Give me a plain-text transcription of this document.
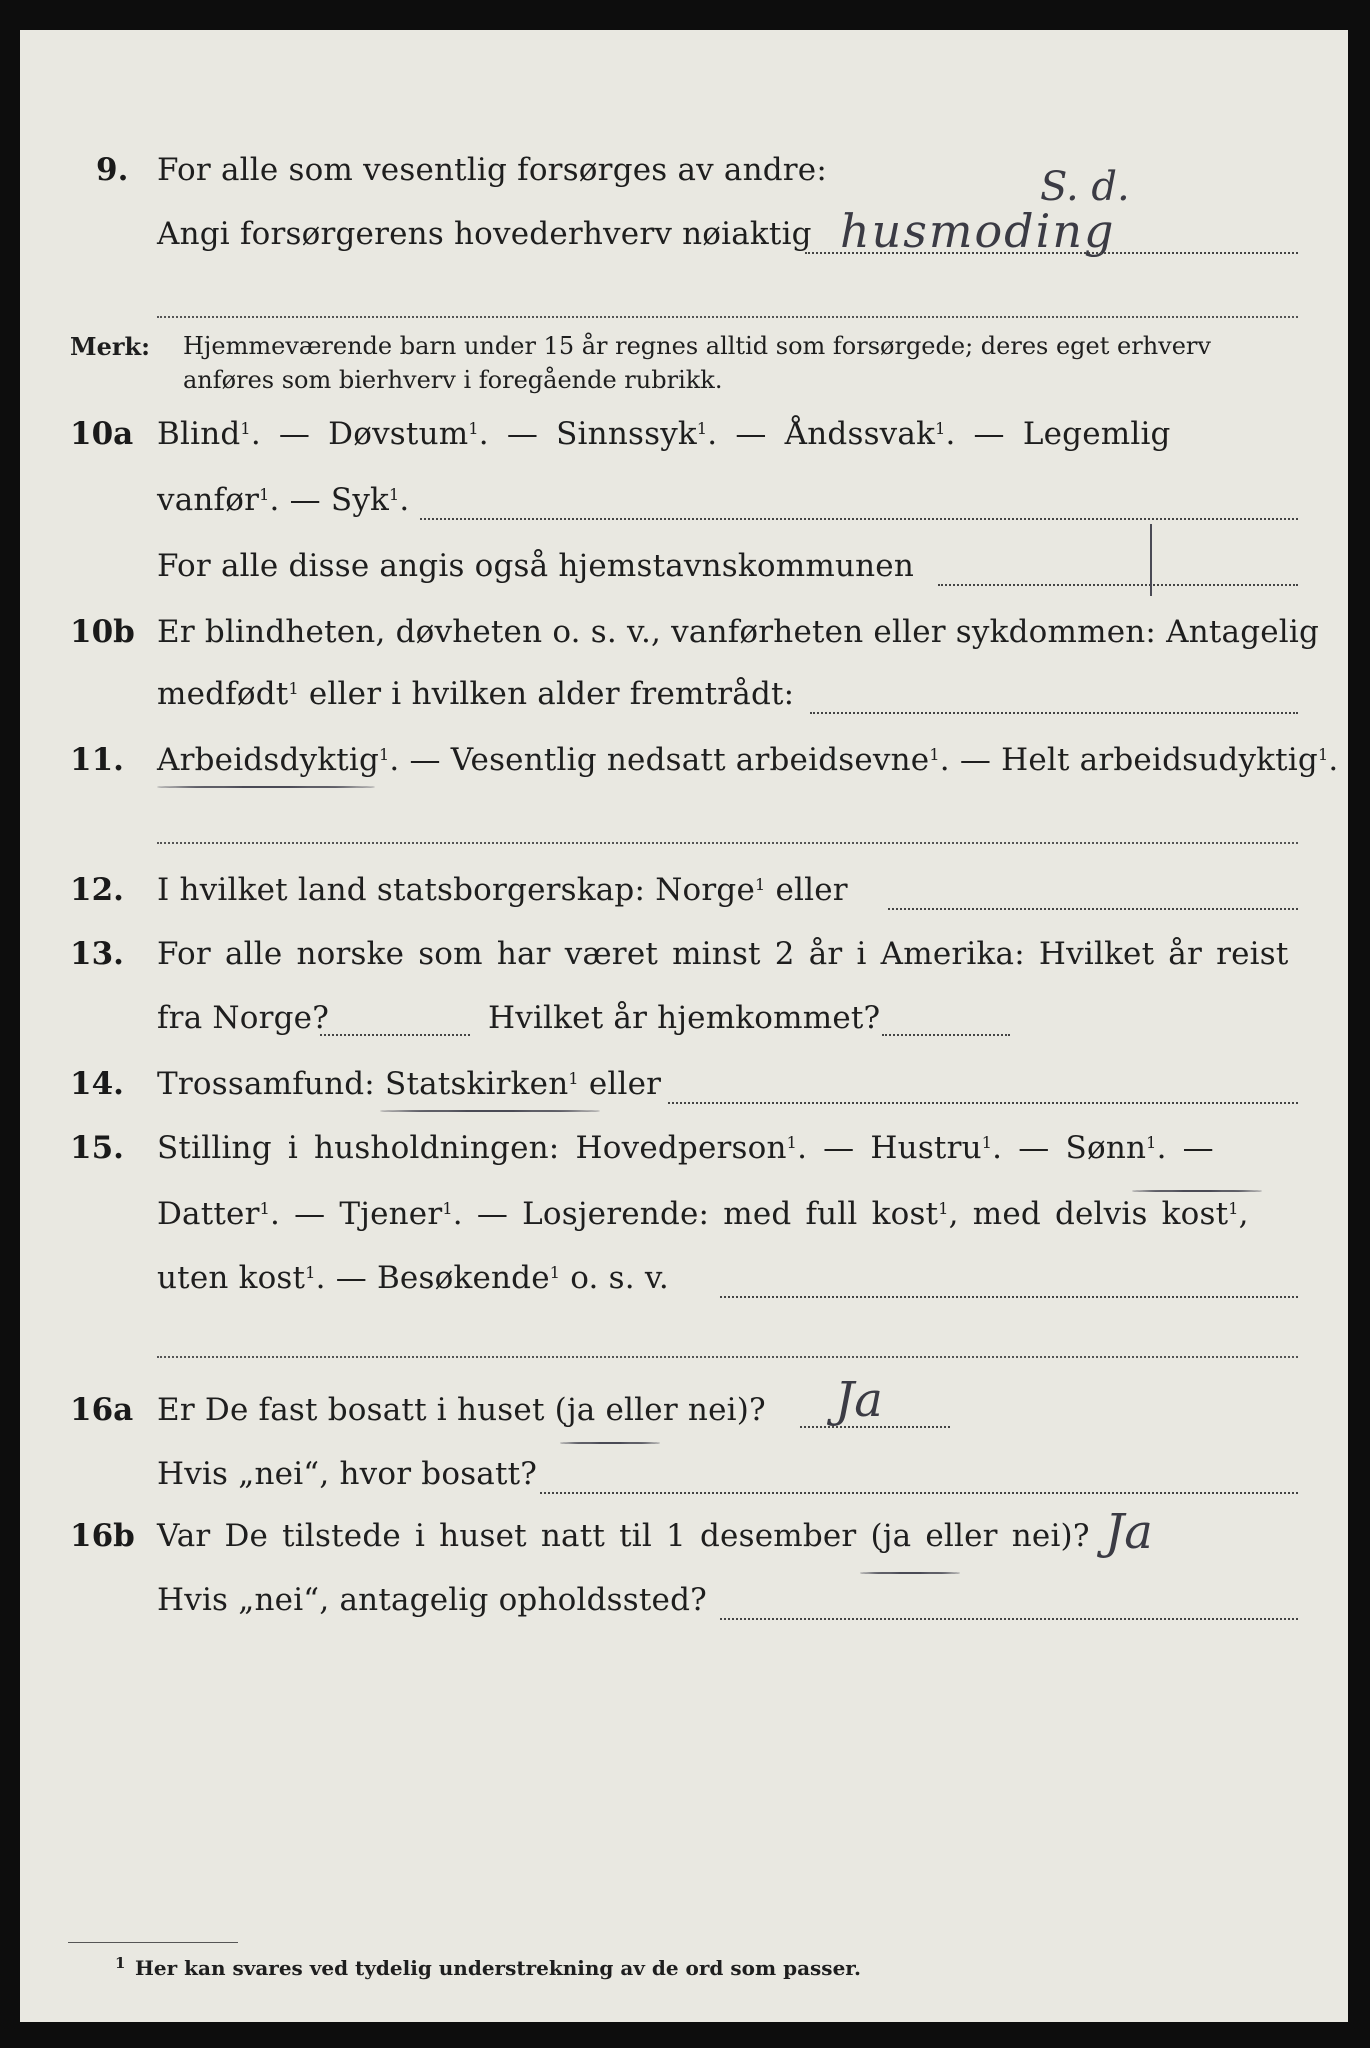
9. For alle som vesentlig forsørges av andre:	S. d.
Angi forsørgerens hovederhverv nøiaktig husmoding
Merk: Hjemmeværende barn under 15 år regnes alltid som forsørgede; deres eget erhverv
anføres som bierhverv i foregående rubrikk.
10a Blind$^1$. — Døvstum$^1$. — Sinnssyk$^1$. — Åndssvak$^1$. — Legemlig
vanfør$^1$. — Syk$^1$.
For alle disse angis også hjemstavnskommunen
10b Er blindheten, døvheten o. s. v., vanførheten eller sykdommen: Antagelig
medfødt$^1$ eller i hvilken alder fremtrådt:
11. Arbeidsdyktig$^1$. — Vesentlig nedsatt arbeidsevne$^1$. — Helt arbeidsudyktig$^1$.
12. I hvilket land statsborgerskap: Norge$^1$ eller
13. For alle norske som har været minst 2 år i Amerika: Hvilket år reist
fra Norge?	Hvilket år hjemkommet?
14. Trossamfund: Statskirken$^1$ eller
15. Stilling i husholdningen: Hovedperson$^1$. — Hustru$^1$. — Sønn$^1$. —
Datter$^1$. — Tjener$^1$. — Losjerende: med full kost$^1$, med delvis kost$^1$,
uten kost$^1$. — Besøkende$^1$ o. s. v.
16a Er De fast bosatt i huset (ja eller nei)? Ja
Hvis „nei“, hvor bosatt?
16b Var De tilstede i huset natt til 1 desember (ja eller nei)? Ja
Hvis „nei“, antagelig opholdssted?
1 Her kan svares ved tydelig understrekning av de ord som passer.
